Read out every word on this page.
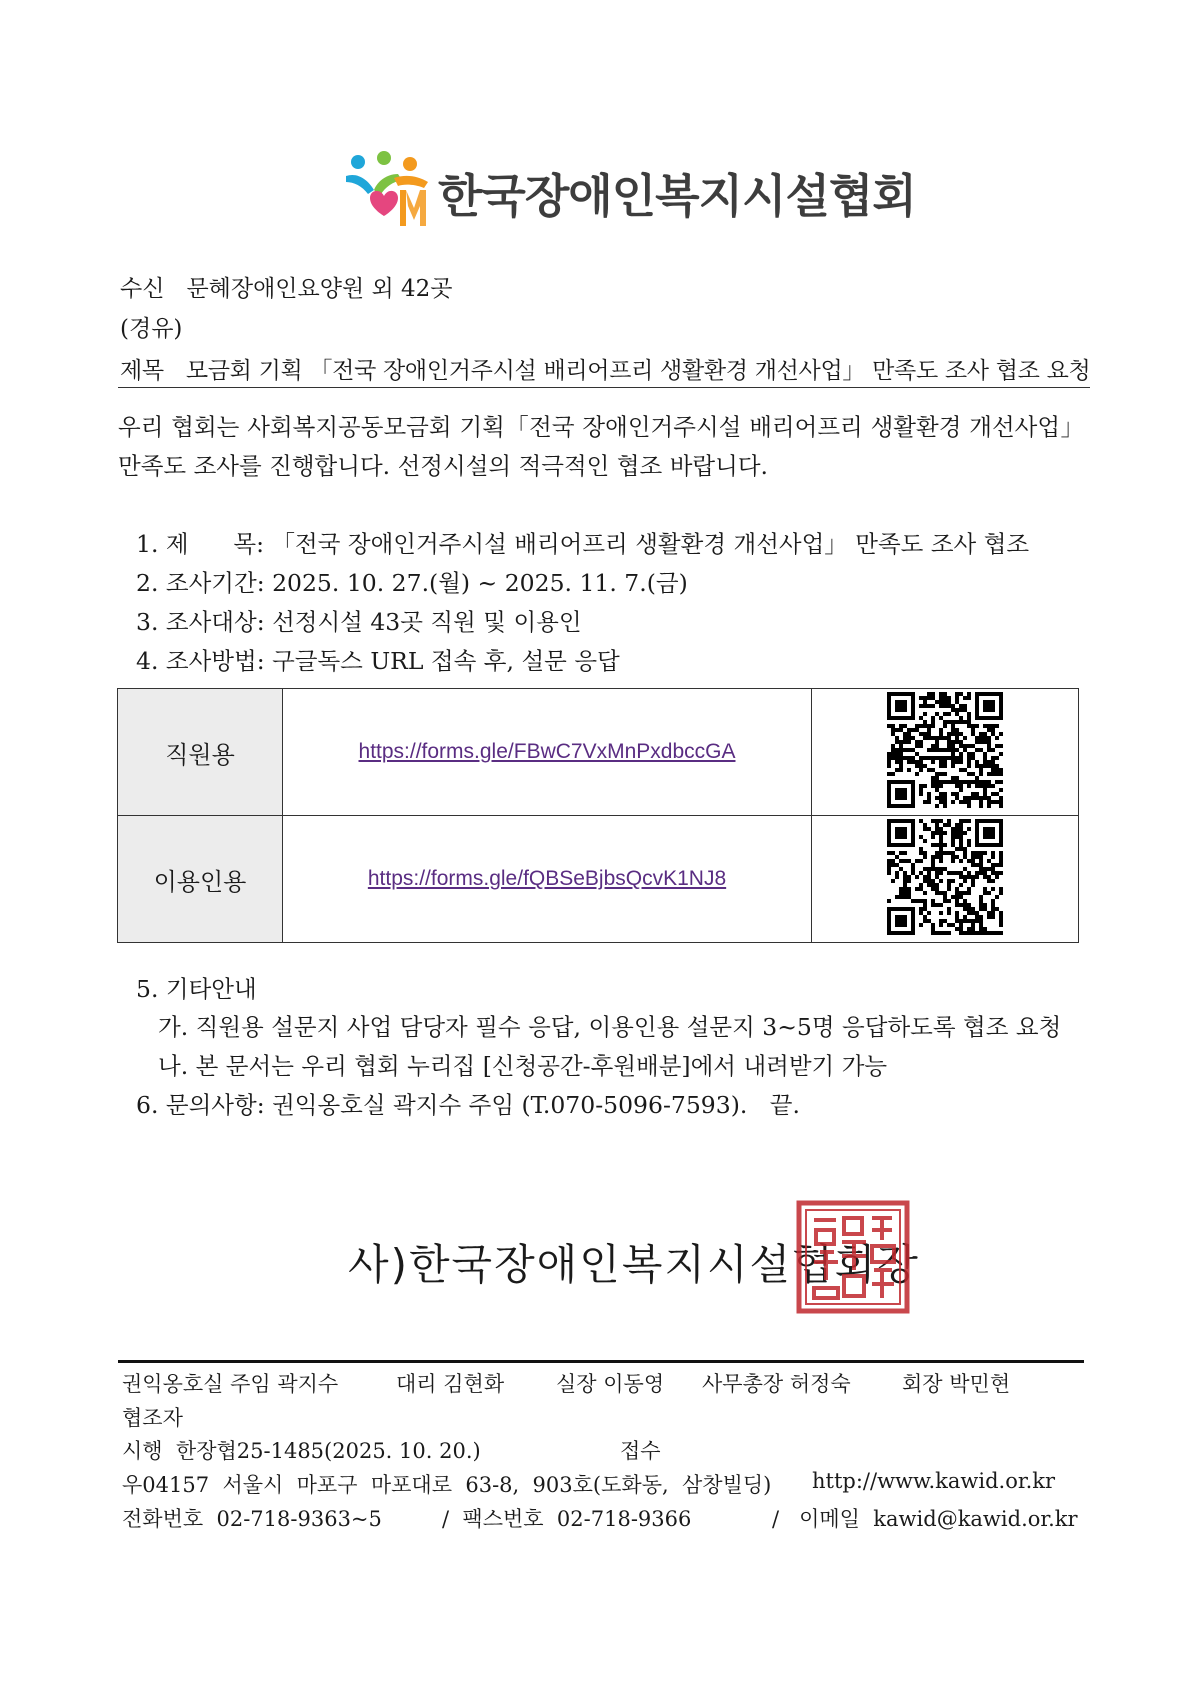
한국장애인복지시설협회
수신 문혜장애인요양원 외 42곳
(경유)
제목 모금회 기획 「전국 장애인거주시설 배리어프리 생활환경 개선사업」 만족도 조사 협조 요청
우리 협회는 사회복지공동모금회 기획「전국 장애인거주시설 배리어프리 생활환경 개선사업」
만족도 조사를 진행합니다. 선정시설의 적극적인 협조 바랍니다.
1. 제      목: 「전국 장애인거주시설 배리어프리 생활환경 개선사업」 만족도 조사 협조
2. 조사기간: 2025. 10. 27.(월) ~ 2025. 11. 7.(금)
3. 조사대상: 선정시설 43곳 직원 및 이용인
4. 조사방법: 구글독스 URL 접속 후, 설문 응답
직원용	https://forms.gle/FBwC7VxMnPxdbccGA	
이용인용	https://forms.gle/fQBSeBjbsQcvK1NJ8	
5. 기타안내
가. 직원용 설문지 사업 담당자 필수 응답, 이용인용 설문지 3~5명 응답하도록 협조 요청
나. 본 문서는 우리 협회 누리집 [신청공간-후원배분]에서 내려받기 가능
6. 문의사항: 권익옹호실 곽지수 주임 (T.070-5096-7593).   끝.
사)한국장애인복지시설협회장
권익옹호실 주임 곽지수	대리 김현화 실장 이동영 사무총장 허정숙 회장 박민현
협조자
시행  한장협25-1485(2025. 10. 20.)	접수
우04157  서울시  마포구  마포대로  63-8,  903호(도화동,  삼창빌딩) http://www.kawid.or.kr
전화번호  02-718-9363~5	/  팩스번호  02-718-9366	/   이메일  kawid@kawid.or.kr
